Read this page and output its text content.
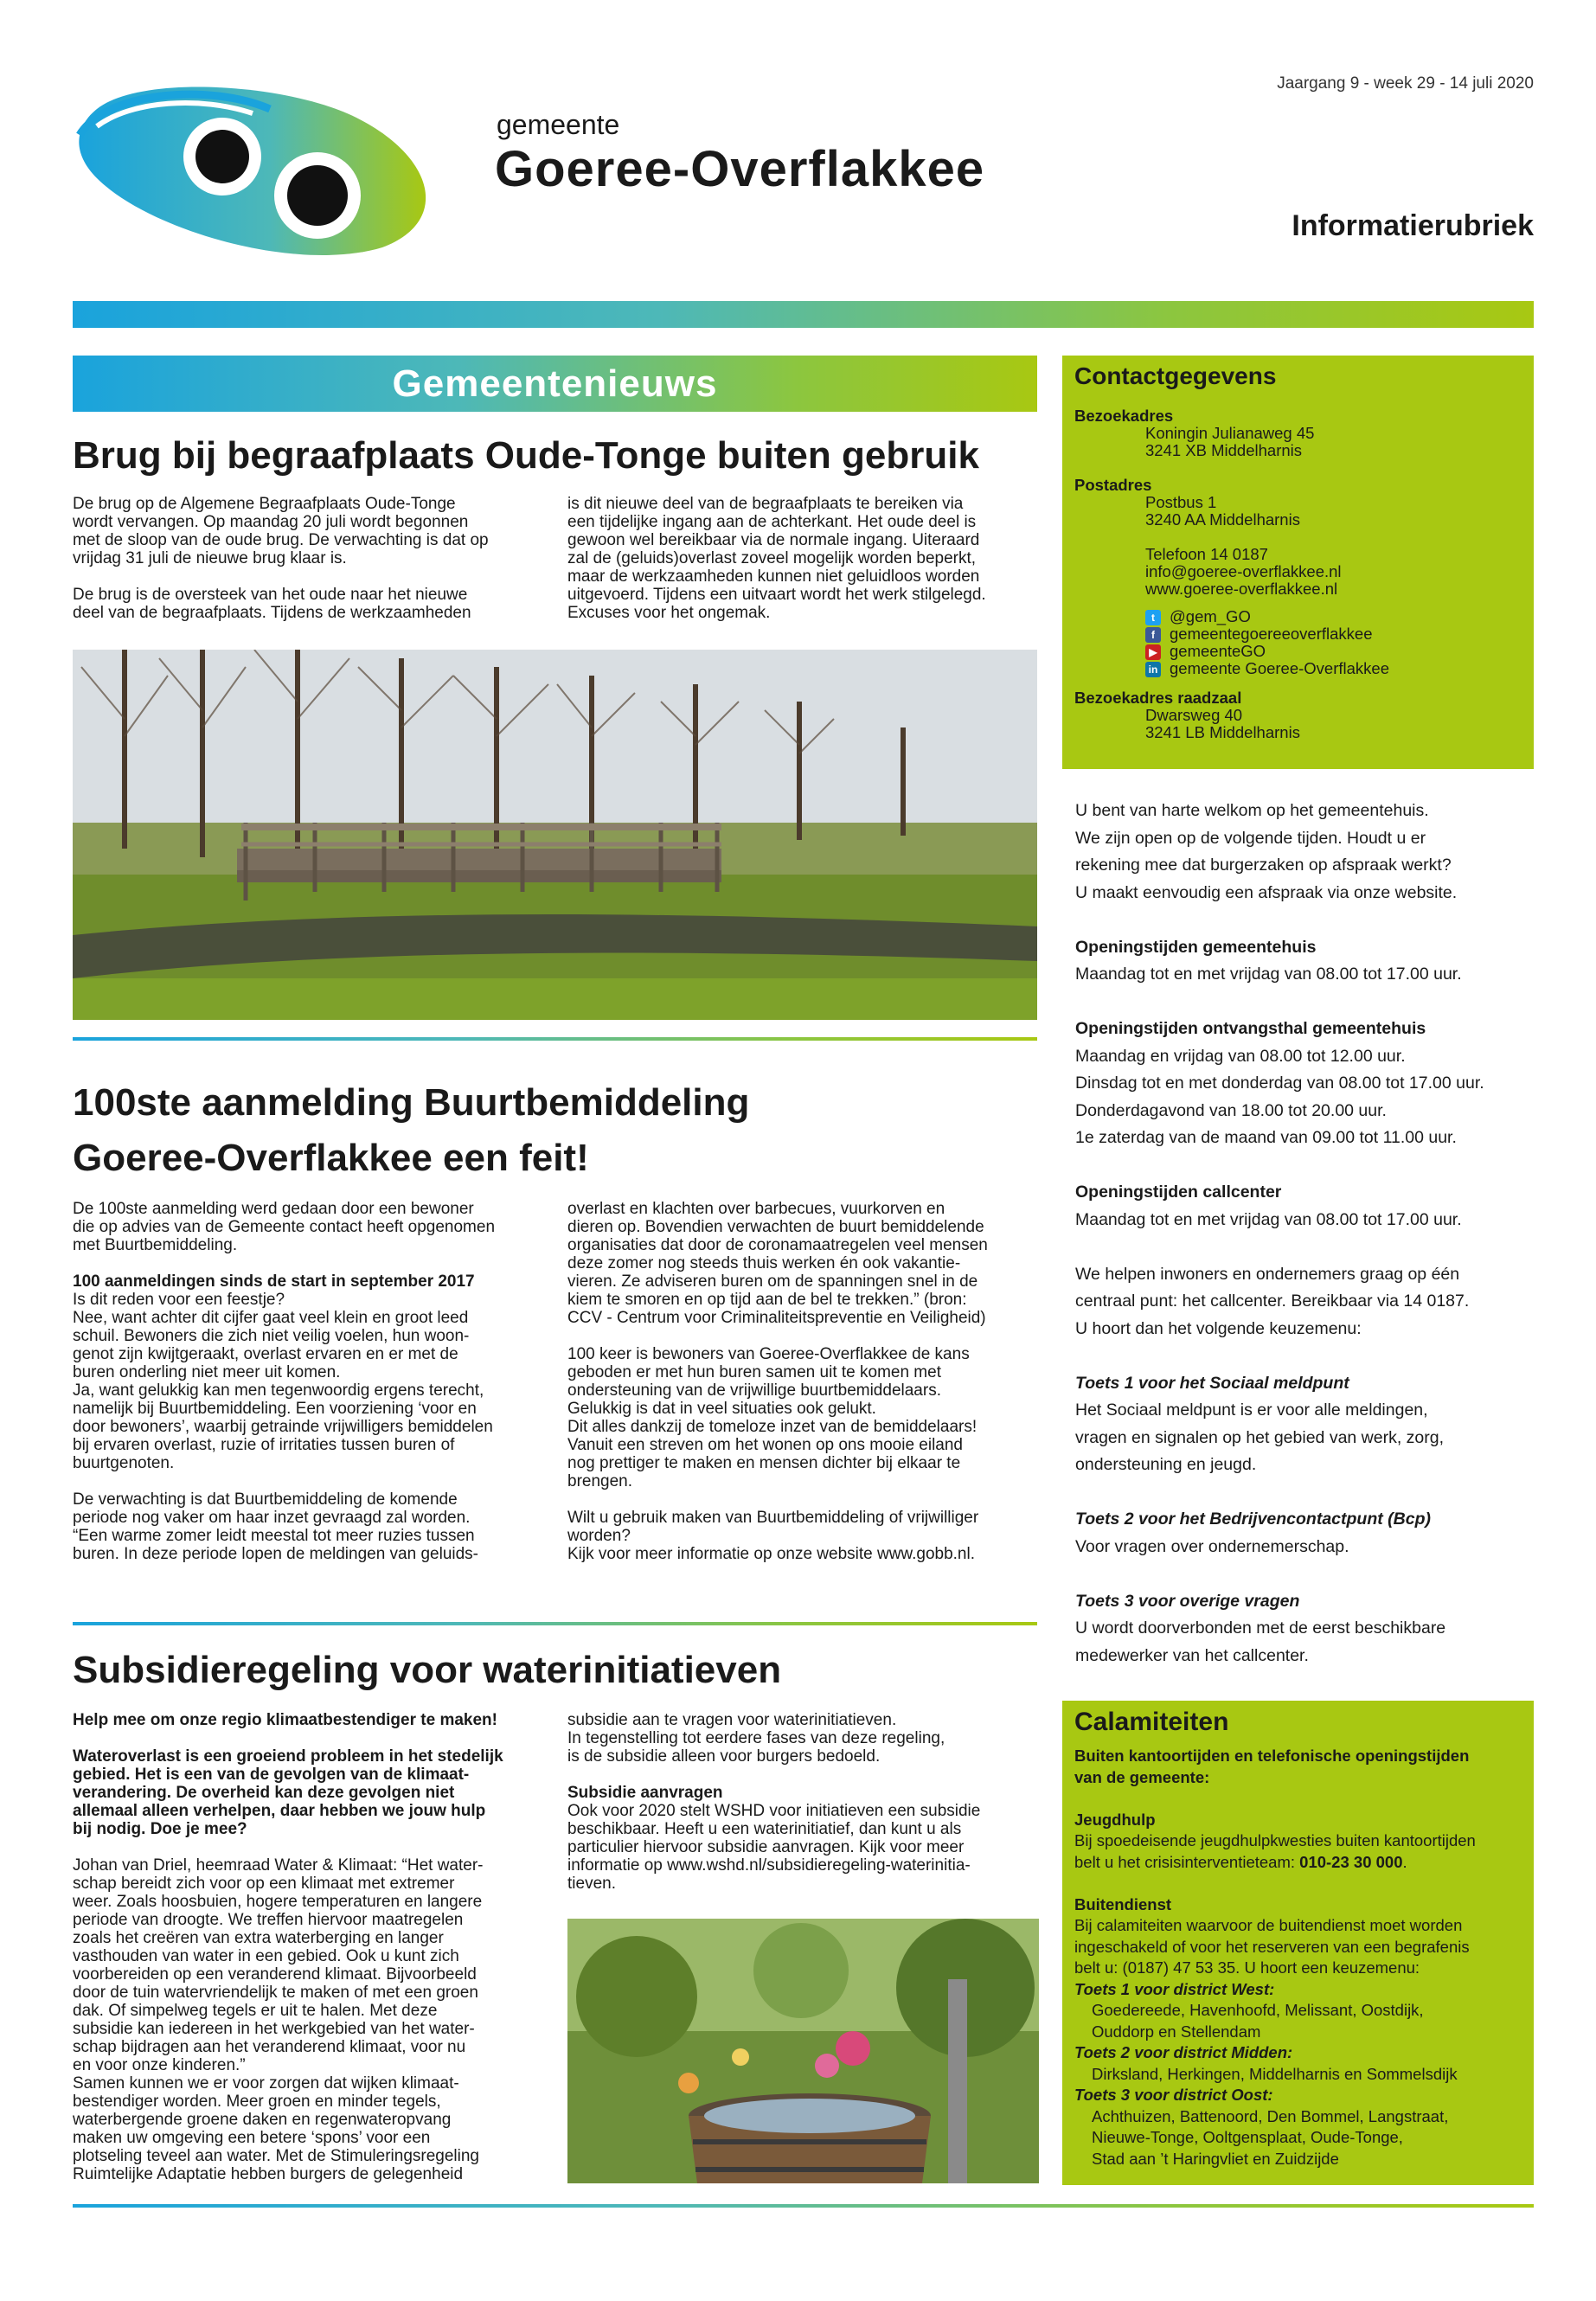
gemeente
Goeree-Overflakkee
Jaargang 9 - week 29 - 14 juli 2020
Informatierubriek
Gemeentenieuws
Brug bij begraafplaats Oude-Tonge buiten gebruik

De brug op de Algemene Begraafplaats Oude-Tonge

wordt vervangen. Op maandag 20 juli wordt begonnen

met de sloop van de oude brug. De verwachting is dat op

vrijdag 31 juli de nieuwe brug klaar is.

De brug is de oversteek van het oude naar het nieuwe

deel van de begraafplaats. Tijdens de werkzaamheden

is dit nieuwe deel van de begraafplaats te bereiken via

een tijdelijke ingang aan de achterkant. Het oude deel is

gewoon wel bereikbaar via de normale ingang. Uiteraard

zal de (geluids)overlast zoveel mogelijk worden beperkt,

maar de werkzaamheden kunnen niet geluidloos worden

uitgevoerd. Tijdens een uitvaart wordt het werk stilgelegd.

Excuses voor het ongemak.

100ste aanmelding Buurtbemiddeling
Goeree-Overflakkee een feit!

De 100ste aanmelding werd gedaan door een bewoner

die op advies van de Gemeente contact heeft opgenomen

met Buurtbemiddeling.

100 aanmeldingen sinds de start in september 2017

Is dit reden voor een feestje?

Nee, want achter dit cijfer gaat veel klein en groot leed

schuil. Bewoners die zich niet veilig voelen, hun woon-

genot zijn kwijtgeraakt, overlast ervaren en er met de

buren onderling niet meer uit komen.

Ja, want gelukkig kan men tegenwoordig ergens terecht,

namelijk bij Buurtbemiddeling. Een voorziening ‘voor en

door bewoners’, waarbij getrainde vrijwilligers bemiddelen

bij ervaren overlast, ruzie of irritaties tussen buren of

buurtgenoten.

De verwachting is dat Buurtbemiddeling de komende

periode nog vaker om haar inzet gevraagd zal worden.

“Een warme zomer leidt meestal tot meer ruzies tussen

buren. In deze periode lopen de meldingen van geluids-

overlast en klachten over barbecues, vuurkorven en

dieren op. Bovendien verwachten de buurt bemiddelende

organisaties dat door de coronamaatregelen veel mensen

deze zomer nog steeds thuis werken én ook vakantie-

vieren. Ze adviseren buren om de spanningen snel in de

kiem te smoren en op tijd aan de bel te trekken.” (bron:

CCV - Centrum voor Criminaliteitspreventie en Veiligheid)

100 keer is bewoners van Goeree-Overflakkee de kans

geboden er met hun buren samen uit te komen met

ondersteuning van de vrijwillige buurtbemiddelaars.

Gelukkig is dat in veel situaties ook gelukt.

Dit alles dankzij de tomeloze inzet van de bemiddelaars!

Vanuit een streven om het wonen op ons mooie eiland

nog prettiger te maken en mensen dichter bij elkaar te

brengen.

Wilt u gebruik maken van Buurtbemiddeling of vrijwilliger

worden?

Kijk voor meer informatie op onze website www.gobb.nl.

Subsidieregeling voor waterinitiatieven

Help mee om onze regio klimaatbestendiger te maken!

Wateroverlast is een groeiend probleem in het stedelijk

gebied. Het is een van de gevolgen van de klimaat-

verandering. De overheid kan deze gevolgen niet

allemaal alleen verhelpen, daar hebben we jouw hulp

bij nodig. Doe je mee?

Johan van Driel, heemraad Water & Klimaat: “Het water-

schap bereidt zich voor op een klimaat met extremer

weer. Zoals hoosbuien, hogere temperaturen en langere

periode van droogte. We treffen hiervoor maatregelen

zoals het creëren van extra waterberging en langer

vasthouden van water in een gebied. Ook u kunt zich

voorbereiden op een veranderend klimaat. Bijvoorbeeld

door de tuin watervriendelijk te maken of met een groen

dak. Of simpelweg tegels er uit te halen. Met deze

subsidie kan iedereen in het werkgebied van het water-

schap bijdragen aan het veranderend klimaat, voor nu

en voor onze kinderen.”

Samen kunnen we er voor zorgen dat wijken klimaat-

bestendiger worden. Meer groen en minder tegels,

waterbergende groene daken en regenwateropvang

maken uw omgeving een betere ‘spons’ voor een

plotseling teveel aan water. Met de Stimuleringsregeling

Ruimtelijke Adaptatie hebben burgers de gelegenheid

subsidie aan te vragen voor waterinitiatieven.

In tegenstelling tot eerdere fases van deze regeling,

is de subsidie alleen voor burgers bedoeld.

Subsidie aanvragen

Ook voor 2020 stelt WSHD voor initiatieven een subsidie

beschikbaar. Heeft u een waterinitiatief, dan kunt u als

particulier hiervoor subsidie aanvragen. Kijk voor meer

informatie op www.wshd.nl/subsidieregeling-waterinitia-

tieven.

Contactgegevens
Bezoekadres
Koningin Julianaweg 45
3241 XB Middelharnis
Postadres
Postbus 1
3240 AA Middelharnis
Telefoon 14 0187
info@goeree-overflakkee.nl
www.goeree-overflakkee.nl
t @gem_GO
f gemeentegoereeoverflakkee
▶ gemeenteGO
in gemeente Goeree-Overflakkee
Bezoekadres raadzaal
Dwarsweg 40
3241 LB Middelharnis

U bent van harte welkom op het gemeentehuis.

We zijn open op de volgende tijden. Houdt u er

rekening mee dat burgerzaken op afspraak werkt?

U maakt eenvoudig een afspraak via onze website.

Openingstijden gemeentehuis

Maandag tot en met vrijdag van 08.00 tot 17.00 uur.

Openingstijden ontvangsthal gemeentehuis

Maandag en vrijdag van 08.00 tot 12.00 uur.

Dinsdag tot en met donderdag van 08.00 tot 17.00 uur.

Donderdagavond van 18.00 tot 20.00 uur.

1e zaterdag van de maand van 09.00 tot 11.00 uur.

Openingstijden callcenter

Maandag tot en met vrijdag van 08.00 tot 17.00 uur.

We helpen inwoners en ondernemers graag op één

centraal punt: het callcenter. Bereikbaar via 14 0187.

U hoort dan het volgende keuzemenu:

Toets 1 voor het Sociaal meldpunt

Het Sociaal meldpunt is er voor alle meldingen,

vragen en signalen op het gebied van werk, zorg,

ondersteuning en jeugd.

Toets 2 voor het Bedrijvencontactpunt (Bcp)

Voor vragen over ondernemerschap.

Toets 3 voor overige vragen

U wordt doorverbonden met de eerst beschikbare

medewerker van het callcenter.

Calamiteiten

Buiten kantoortijden en telefonische openingstijden

van de gemeente:

Jeugdhulp

Bij spoedeisende jeugdhulpkwesties buiten kantoortijden

belt u het crisisinterventieteam: 010-23 30 000.

Buitendienst

Bij calamiteiten waarvoor de buitendienst moet worden

ingeschakeld of voor het reserveren van een begrafenis

belt u: (0187) 47 53 35. U hoort een keuzemenu:

Toets 1 voor district West:

Goedereede, Havenhoofd, Melissant, Oostdijk,

Ouddorp en Stellendam

Toets 2 voor district Midden:

Dirksland, Herkingen, Middelharnis en Sommelsdijk

Toets 3 voor district Oost:

Achthuizen, Battenoord, Den Bommel, Langstraat,

Nieuwe-Tonge, Ooltgensplaat, Oude-Tonge,

Stad aan ’t Haringvliet en Zuidzijde
